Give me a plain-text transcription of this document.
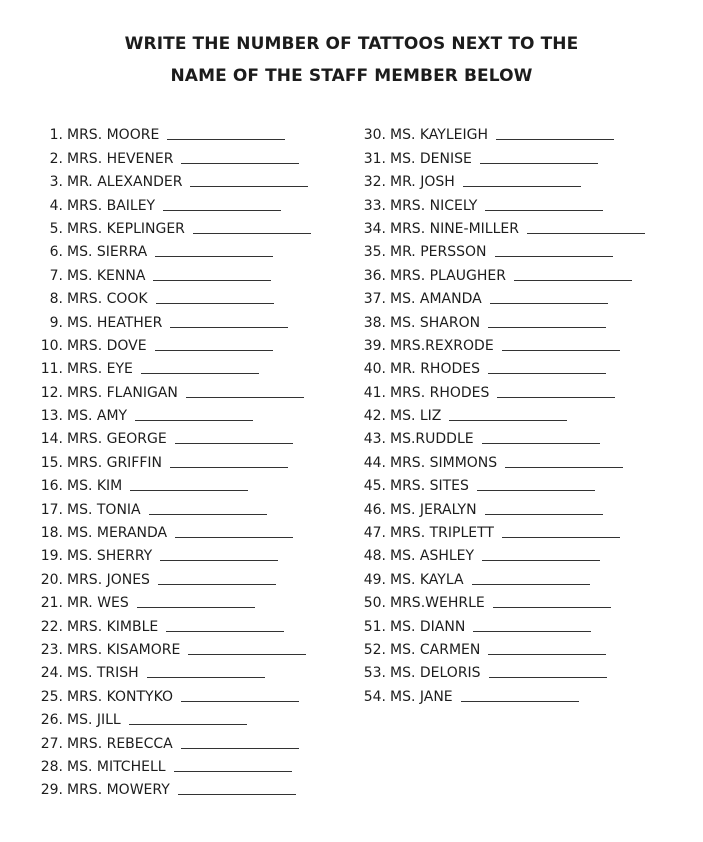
WRITE THE NUMBER OF TATTOOS NEXT TO THE
NAME OF THE STAFF MEMBER BELOW
1. MRS. MOORE
2. MRS. HEVENER
3. MR. ALEXANDER
4. MRS. BAILEY
5. MRS. KEPLINGER
6. MS. SIERRA
7. MS. KENNA
8. MRS. COOK
9. MS. HEATHER
10. MRS. DOVE
11. MRS. EYE
12. MRS. FLANIGAN
13. MS. AMY
14. MRS. GEORGE
15. MRS. GRIFFIN
16. MS. KIM
17. MS. TONIA
18. MS. MERANDA
19. MS. SHERRY
20. MRS. JONES
21. MR. WES
22. MRS. KIMBLE
23. MRS. KISAMORE
24. MS. TRISH
25. MRS. KONTYKO
26. MS. JILL
27. MRS. REBECCA
28. MS. MITCHELL
29. MRS. MOWERY
30. MS. KAYLEIGH
31. MS. DENISE
32. MR. JOSH
33. MRS. NICELY
34. MRS. NINE-MILLER
35. MR. PERSSON
36. MRS. PLAUGHER
37. MS. AMANDA
38. MS. SHARON
39. MRS.REXRODE
40. MR. RHODES
41. MRS. RHODES
42. MS. LIZ
43. MS.RUDDLE
44. MRS. SIMMONS
45. MRS. SITES
46. MS. JERALYN
47. MRS. TRIPLETT
48. MS. ASHLEY
49. MS. KAYLA
50. MRS.WEHRLE
51. MS. DIANN
52. MS. CARMEN
53. MS. DELORIS
54. MS. JANE
